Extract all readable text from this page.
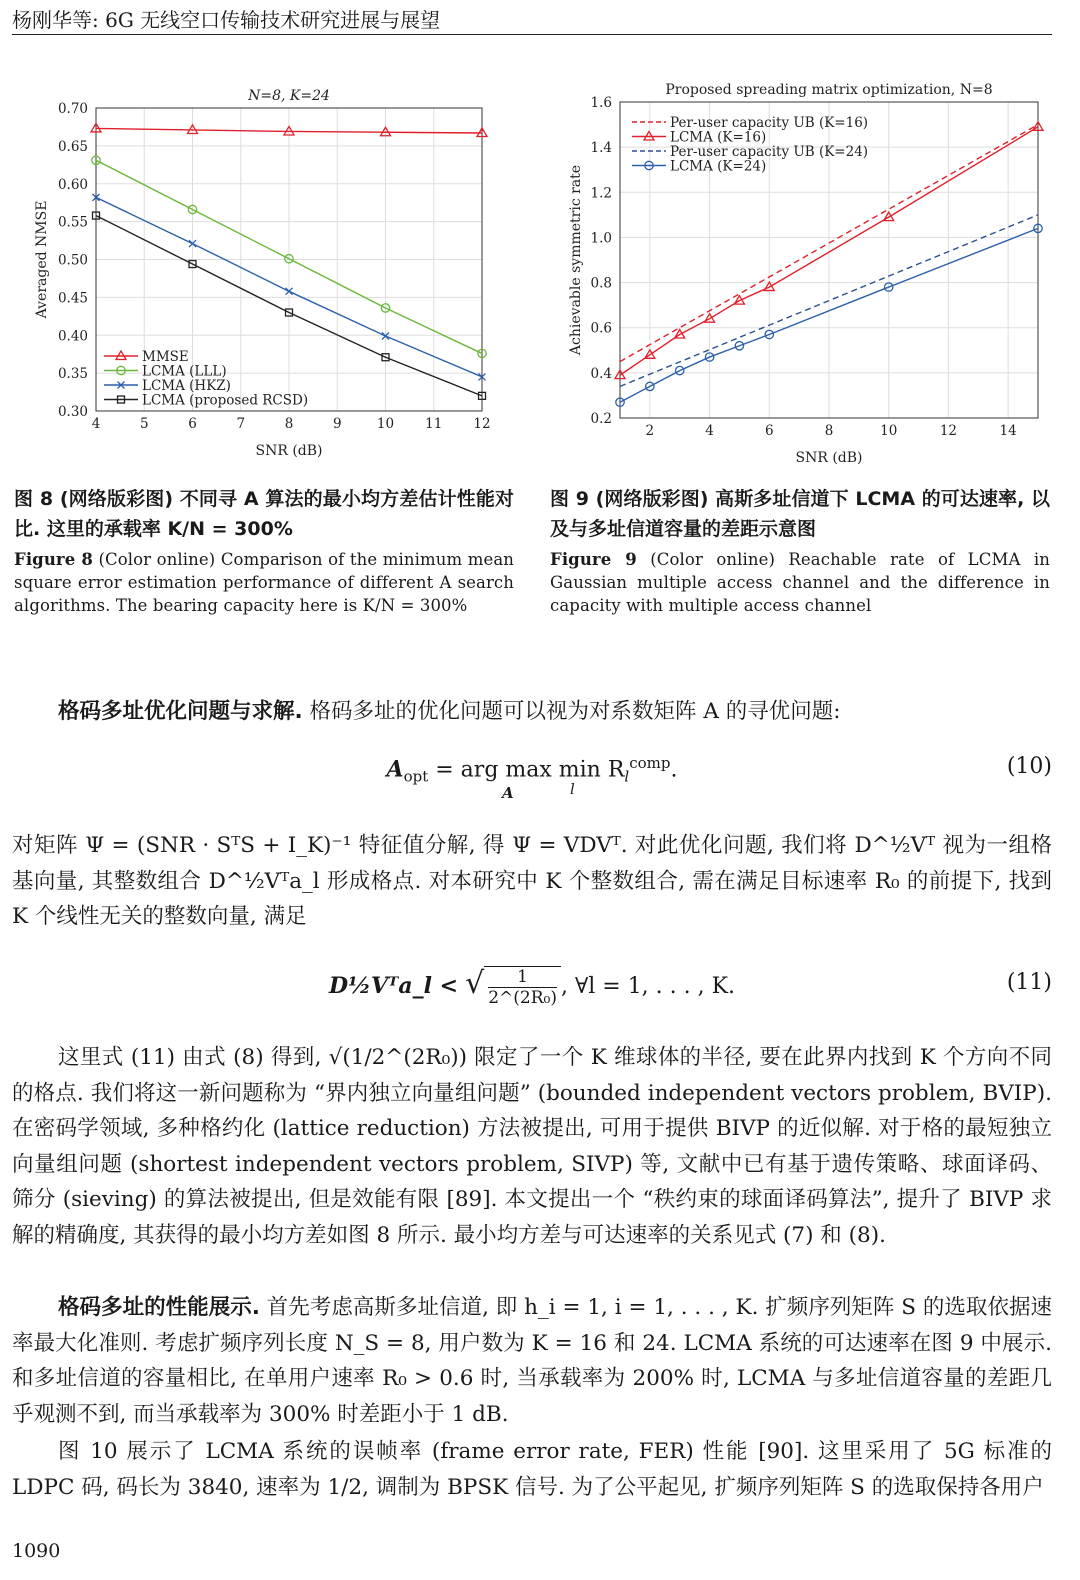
杨刚华等: 6G 无线空口传输技术研究进展与展望
N=8, K=24
4	5	6	7	8	9	10 11 12
0.30
0.35
0.40
0.45
0.50
0.55
0.60
0.65
0.70
SNR (dB)
Averaged NMSE
MMSE
LCMA (LLL)
LCMA (HKZ)
LCMA (proposed RCSD)
Proposed spreading matrix optimization, N=8
2	4	6	8	10	12	14
0.2
0.4
0.6
0.8
1.0
1.2
1.4
1.6
SNR (dB)
Achievable symmetric rate
Per-user capacity UB (K=16)
LCMA (K=16)
Per-user capacity UB (K=24)
LCMA (K=24)
图 8 (网络版彩图) 不同寻 A 算法的最小均方差估计性能对比. 这里的承载率 K/N = 300%
Figure 8 (Color online) Comparison of the minimum mean square error estimation performance of different A search algorithms. The bearing capacity here is K/N = 300%
图 9 (网络版彩图) 高斯多址信道下 LCMA 的可达速率, 以及与多址信道容量的差距示意图
Figure 9 (Color online) Reachable rate of LCMA in Gaussian multiple access channel and the difference in capacity with multiple access channel
格码多址优化问题与求解. 格码多址的优化问题可以视为对系数矩阵 A 的寻优问题:
$A_{opt}$ = arg $\max \min R_l^{comp}$.
A	l
(10)
对矩阵 Ψ = (SNR · SᵀS + I_K)⁻¹ 特征值分解, 得 Ψ = VDVᵀ. 对此优化问题, 我们将 D^½Vᵀ 视为一组格基向量, 其整数组合 D^½Vᵀa_l 形成格点. 对本研究中 K 个整数组合, 需在满足目标速率 R₀ 的前提下, 找到 K 个线性无关的整数向量, 满足
D½Vᵀa_l < √ $\frac{1}{\text{2\textasciicircum{}(2R₀)}}$ , ∀l = 1, . . . , K.	(11)
这里式 (11) 由式 (8) 得到, √(1/2^(2R₀)) 限定了一个 K 维球体的半径, 要在此界内找到 K 个方向不同的格点. 我们将这一新问题称为 “界内独立向量组问题” (bounded independent vectors problem, BVIP). 在密码学领域, 多种格约化 (lattice reduction) 方法被提出, 可用于提供 BIVP 的近似解. 对于格的最短独立向量组问题 (shortest independent vectors problem, SIVP) 等, 文献中已有基于遗传策略、球面译码、筛分 (sieving) 的算法被提出, 但是效能有限 [89]. 本文提出一个 “秩约束的球面译码算法”, 提升了 BIVP 求解的精确度, 其获得的最小均方差如图 8 所示. 最小均方差与可达速率的关系见式 (7) 和 (8).
格码多址的性能展示. 首先考虑高斯多址信道, 即 h_i = 1, i = 1, . . . , K. 扩频序列矩阵 S 的选取依据速率最大化准则. 考虑扩频序列长度 N_S = 8, 用户数为 K = 16 和 24. LCMA 系统的可达速率在图 9 中展示. 和多址信道的容量相比, 在单用户速率 R₀ > 0.6 时, 当承载率为 200% 时, LCMA 与多址信道容量的差距几乎观测不到, 而当承载率为 300% 时差距小于 1 dB.
图 10 展示了 LCMA 系统的误帧率 (frame error rate, FER) 性能 [90]. 这里采用了 5G 标准的 LDPC 码, 码长为 3840, 速率为 1/2, 调制为 BPSK 信号. 为了公平起见, 扩频序列矩阵 S 的选取保持各用户
1090
